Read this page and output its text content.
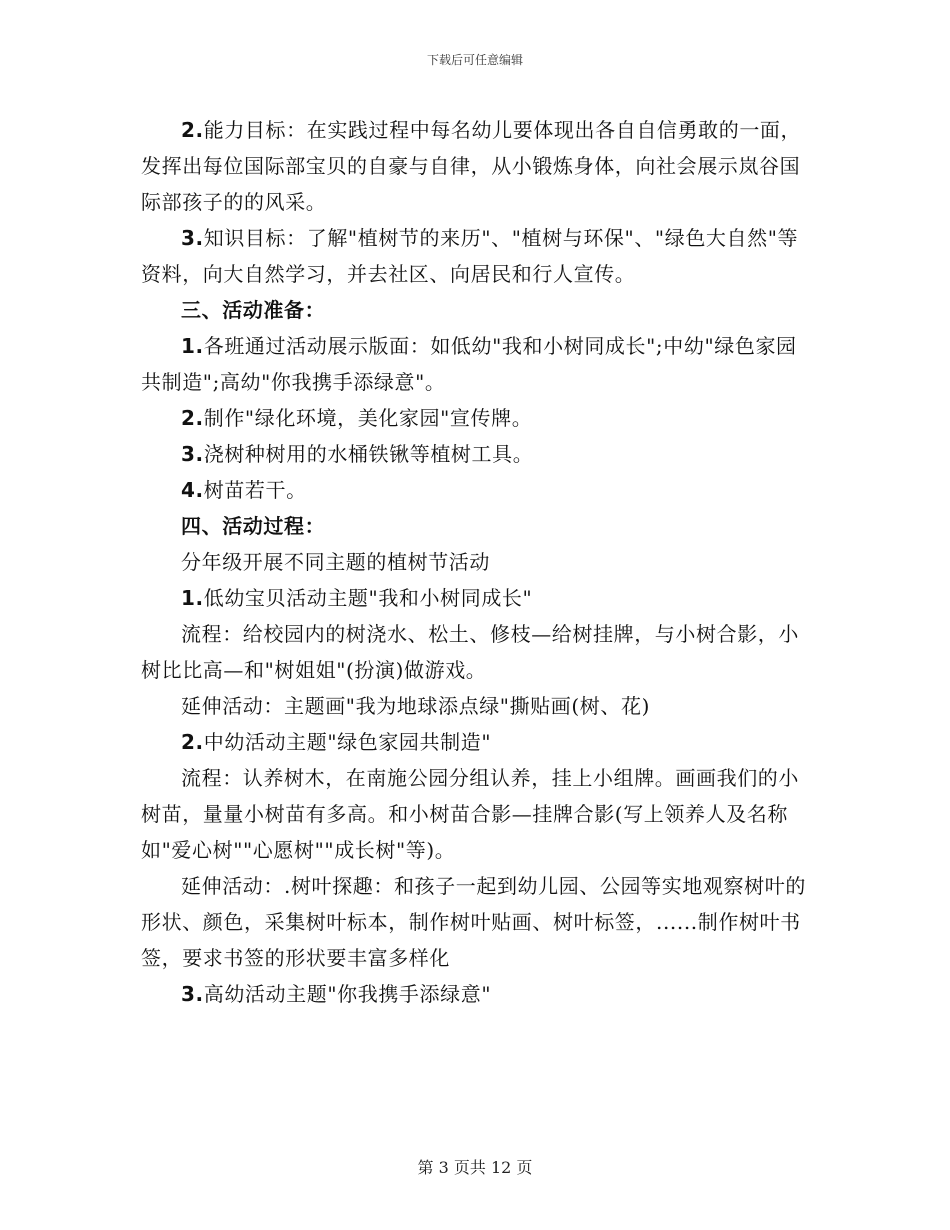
下载后可任意编辑

2.能力目标：在实践过程中每名幼儿要体现出各自自信勇敢的一面，发挥出每位国际部宝贝的自豪与自律，从小锻炼身体，向社会展示岚谷国际部孩子的的风采。

3.知识目标：了解"植树节的来历"、"植树与环保"、"绿色大自然"等资料，向大自然学习，并去社区、向居民和行人宣传。

三、活动准备：

1.各班通过活动展示版面：如低幼"我和小树同成长";中幼"绿色家园共制造";高幼"你我携手添绿意"。

2.制作"绿化环境，美化家园"宣传牌。

3.浇树种树用的水桶铁锹等植树工具。

4.树苗若干。

四、活动过程：

分年级开展不同主题的植树节活动

1.低幼宝贝活动主题"我和小树同成长"

流程：给校园内的树浇水、松土、修枝—给树挂牌，与小树合影，小树比比高—和"树姐姐"(扮演)做游戏。

延伸活动：主题画"我为地球添点绿"撕贴画(树、花)

2.中幼活动主题"绿色家园共制造"

流程：认养树木，在南施公园分组认养，挂上小组牌。画画我们的小树苗，量量小树苗有多高。和小树苗合影—挂牌合影(写上领养人及名称如"爱心树""心愿树""成长树"等)。

延伸活动：.树叶探趣：和孩子一起到幼儿园、公园等实地观察树叶的形状、颜色，采集树叶标本，制作树叶贴画、树叶标签，......制作树叶书签，要求书签的形状要丰富多样化

3.高幼活动主题"你我携手添绿意"

第 3 页共 12 页
